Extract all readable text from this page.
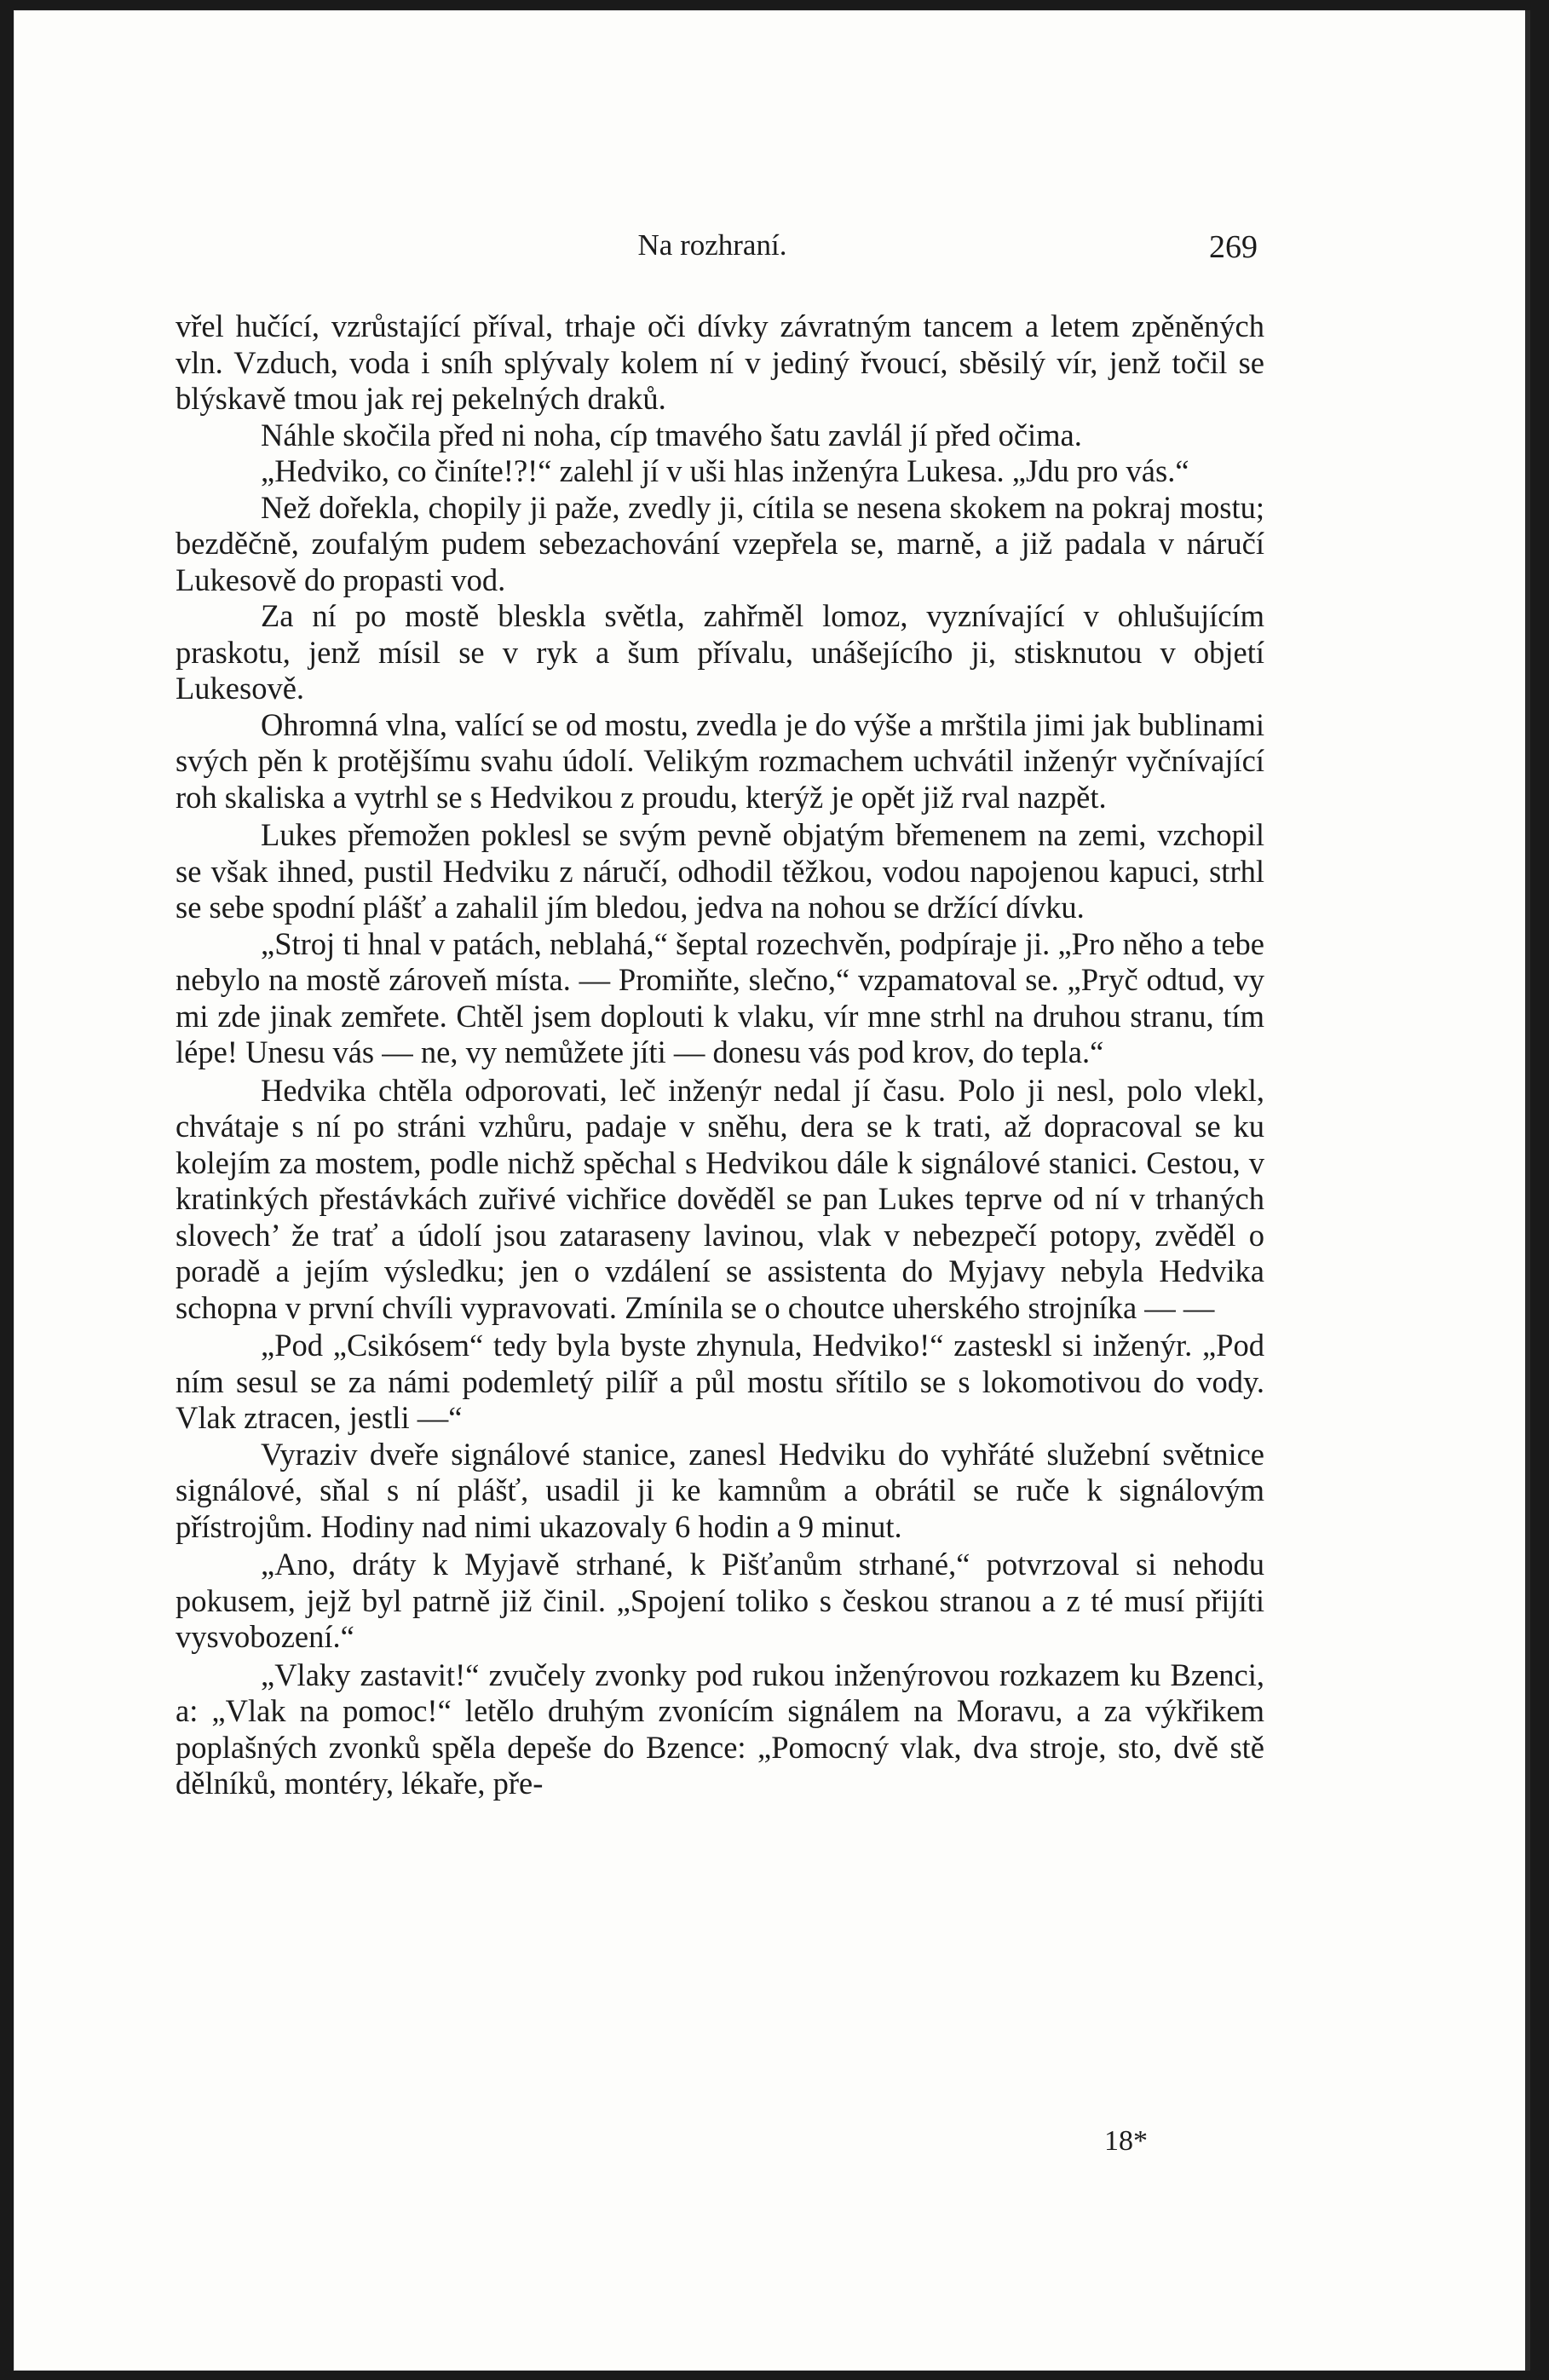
Na rozhraní.	269

vřel hučící, vzrůstající příval, trhaje oči dívky závratným tancem a letem zpěněných vln. Vzduch, voda i sníh splývaly kolem ní v jediný řvoucí, sběsilý vír, jenž točil se blýskavě tmou jak rej pekelných draků.

Náhle skočila před ni noha, cíp tmavého šatu zavlál jí před očima.

„Hedviko, co činíte!?!“ zalehl jí v uši hlas inženýra Lukesa. „Jdu pro vás.“

Než dořekla, chopily ji paže, zvedly ji, cítila se nesena skokem na pokraj mostu; bezděčně, zoufalým pudem sebezachování vzepřela se, marně, a již padala v náručí Lukesově do propasti vod.

Za ní po mostě bleskla světla, zahřměl lomoz, vyznívající v ohlušujícím praskotu, jenž mísil se v ryk a šum přívalu, unášejícího ji, stisknutou v objetí Lukesově.

Ohromná vlna, valící se od mostu, zvedla je do výše a mrštila jimi jak bublinami svých pěn k protějšímu svahu údolí. Velikým rozmachem uchvátil inženýr vyčnívající roh skaliska a vytrhl se s Hedvikou z proudu, kterýž je opět již rval nazpět.

Lukes přemožen poklesl se svým pevně objatým břemenem na zemi, vzchopil se však ihned, pustil Hedviku z náručí, odhodil těžkou, vodou napojenou kapuci, strhl se sebe spodní plášť a zahalil jím bledou, jedva na nohou se držící dívku.

„Stroj ti hnal v patách, neblahá,“ šeptal rozechvěn, podpíraje ji. „Pro něho a tebe nebylo na mostě zároveň místa. — Promiňte, slečno,“ vzpamatoval se. „Pryč odtud, vy mi zde jinak zemřete. Chtěl jsem doplouti k vlaku, vír mne strhl na druhou stranu, tím lépe! Unesu vás — ne, vy nemůžete jíti — donesu vás pod krov, do tepla.“

Hedvika chtěla odporovati, leč inženýr nedal jí času. Polo ji nesl, polo vlekl, chvátaje s ní po stráni vzhůru, padaje v sněhu, dera se k trati, až dopracoval se ku kolejím za mostem, podle nichž spěchal s Hedvikou dále k signálové stanici. Cestou, v kratinkých přestávkách zuřivé vichřice dověděl se pan Lukes teprve od ní v trhaných slovech’ že trať a údolí jsou zataraseny lavinou, vlak v nebezpečí potopy, zvěděl o poradě a jejím výsledku; jen o vzdálení se assistenta do Myjavy nebyla Hedvika schopna v první chvíli vypravovati. Zmínila se o choutce uherského strojníka — —

„Pod „Csikósem“ tedy byla byste zhynula, Hedviko!“ zasteskl si inženýr. „Pod ním sesul se za námi podemletý pilíř a půl mostu sřítilo se s lokomotivou do vody. Vlak ztracen, jestli —“

Vyraziv dveře signálové stanice, zanesl Hedviku do vyhřáté služební světnice signálové, sňal s ní plášť, usadil ji ke kamnům a obrátil se ruče k signálovým přístrojům. Hodiny nad nimi ukazovaly 6 hodin a 9 minut.

„Ano, dráty k Myjavě strhané, k Pišťanům strhané,“ potvrzoval si nehodu pokusem, jejž byl patrně již činil. „Spojení toliko s českou stranou a z té musí přijíti vysvobození.“

„Vlaky zastavit!“ zvučely zvonky pod rukou inženýrovou rozkazem ku Bzenci, a: „Vlak na pomoc!“ letělo druhým zvonícím signálem na Moravu, a za výkřikem poplašných zvonků spěla depeše do Bzence: „Pomocný vlak, dva stroje, sto, dvě stě dělníků, montéry, lékaře, pře-

18*
